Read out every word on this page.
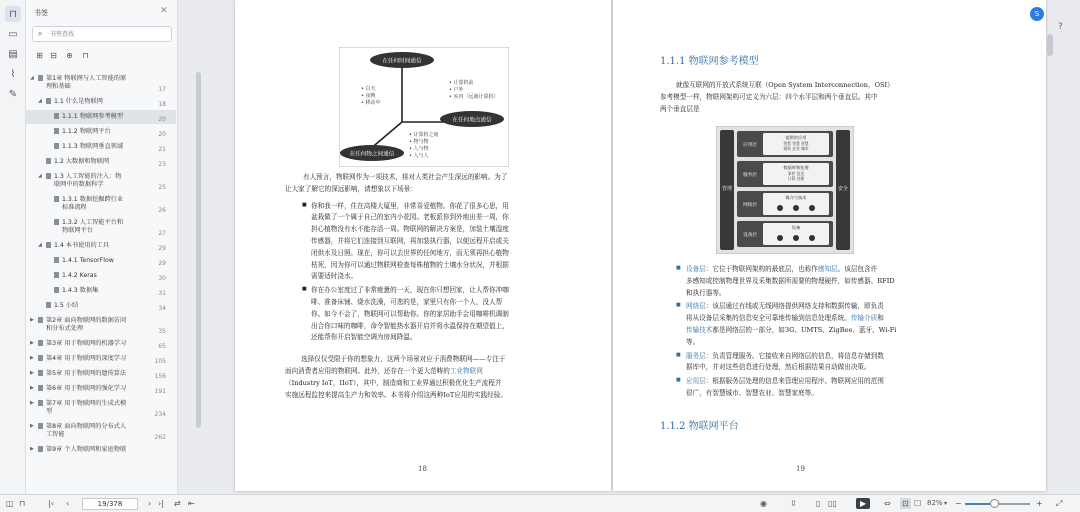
⊓
▭
▤
⌇
✎
书签	✕
⌕
书签查找
⊞ ⊟ ⊕ ⊓
◢ 第1章 物联网与人工智能的原
理和基础	17
◢ 1.1 什么是物联网	18
1.1.1 物联网参考模型	20
1.1.2 物联网平台	20
1.1.3 物联网垂直领域	21
1.2 大数据和物联网	23
◢ 1.3 人工智能的注入：物
联网中的数据科学	25
1.3.1 数据挖掘跨行业
标准流程	26
1.3.2 人工智能平台和
物联网平台	27
◢ 1.4 本书使用的工具	29
1.4.1 TensorFlow	29
1.4.2 Keras	30
1.4.3 数据集	31
1.5 小结	34
▶ 第2章 面向物联网的数据访问
和分布式处理	35
▶ 第3章 用于物联网的机器学习	65
▶ 第4章 用于物联网的深度学习	105
▶ 第5章 用于物联网的遗传算法	156
▶ 第6章 用于物联网的强化学习	191
▶ 第7章 用于物联网的生成式模
型	234
▶ 第8章 面向物联网的分布式人
工智能	262
▶ 第9章 个人物联网和家庭物联
在任何时间通信
在任何地点通信
在任何物之间通信
• 白天
• 夜晚
• 移动中
• 计算机前
• 户外
• 室内（远离计算机）
• 计算机之间
• 物与物
• 人与物
• 人与人
18
有人预言，物联网作为一项技术，将对人类社会产生深远的影响。为了
让大家了解它的深远影响，请想象以下场景：
■ 你和我一样，住在高楼大厦里，非常喜爱植物。你花了很多心思，用
盆栽做了一个属于自己的室内小花园。老板派你到外地出差一周，你
担心植物没有水不能存活一周。物联网的解决方案是，加装土壤湿度
传感器，并将它们连接到互联网，再加装执行器，以便远程开启或关
闭供水及日照。现在，你可以去世界的任何地方，而无须再担心植物
枯死，因为你可以通过物联网检查每株植物的土壤水分状况，并根据
需要适时浇水。
■ 你在办公室度过了非常疲惫的一天，现在你只想回家，让人帮你冲咖
啡、准备床铺、烧水洗澡，可悲的是，家里只有你一个人，没人帮
你。如今不会了，物联网可以帮助你。你的家居助手会用咖啡机调制
出合你口味的咖啡，命令智能热水器开启并将水温保持在期望值上，
还能帮你开启智能空调为房间降温。
选择仅仅受限于你的想象力，这两个场景对应于消费物联网——专注于
面向消费者应用的物联网。此外，还存在一个更大范畴的工业物联网
（Industry IoT，IIoT），其中，制造商和工业界通过积极优化生产流程并
实施远程监控来提高生产力和效率。本书将介绍这两种IoT应用的实践经验。
1.1.1 物联网参考模型
管理	安全
应用层
提供的应用
智慧 智慧 智慧
建筑 农业 城市
服务层
数据库和处理
事件 信息
计算 处理
网络层
媒介与技术
设备层
设备
1.1.2 物联网平台
19
就像互联网的开放式系统互联（Open System Interconnection，OSI）
参考模型一样，物联网架构可定义为六层：四个水平层和两个垂直层。其中
两个垂直层是
■ 设备层：它位于物联网架构的最底层，也称作感知层。该层包含许
多感知或控制物理世界及采集数据所需要的物理硬件，如传感器、RFID
和执行器等。
■ 网络层：该层通过有线或无线网络提供网络支持和数据传输，即负责
将从设备层采集的信息安全可靠地传输到信息处理系统。传输介质和
传输技术都是网络层的一部分，如3G、UMTS、ZigBee、蓝牙、Wi-Fi
等。
■ 服务层：负责管理服务。它接收来自网络层的信息，将信息存储到数
据库中，并对这些信息进行处理，然后根据结果自动做出决策。
■ 应用层：根据服务层处理的信息来管理应用程序。物联网应用的范围
很广，有智慧城市、智慧农业、智慧家庭等。
S
?
◫ ⊓	|‹ ‹	19/378	› ›| ⇄ ⇤	◉	⇳ ▯ ▯▯	▶	⇔ ⊡ ☐ 82% ▾ −	+ ⤢
